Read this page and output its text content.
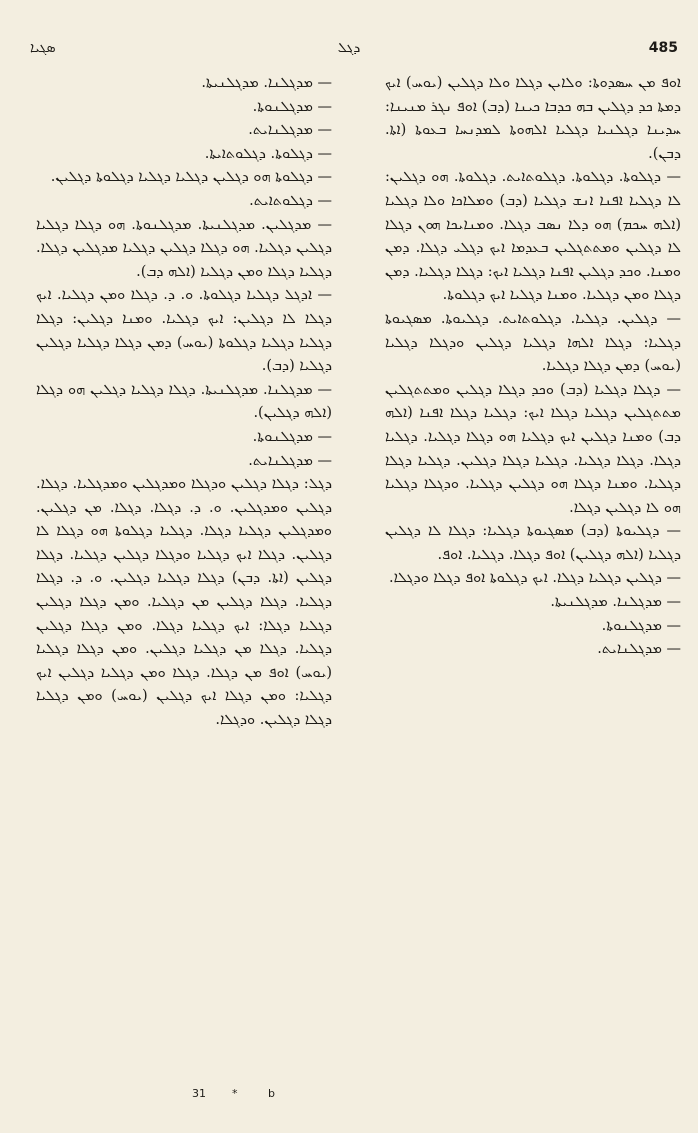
ܣܓܝܐ	ܕܓܠ	485

ܐܘܦ ܡܢ ܚܣܕܘܬܐ: ܘܠܐܝܢ ܕܓܠܐ ܘܠܐ ܕܓܠܝܢ (ܝܘܚ) ܐܝܟ ܕܡܬܐ ܟܕ ܕܓܠܝܢ ܒܗ ܟܕܒܐ ܟܝܢܐ (ܕܒ) ܐܘܦ ܢܓܪ ܡܢܝܢܐ: ܚܕܝܢܐ ܕܓܠܢܝܐ ܕܓܠܝܐ ܐܠܗܘܬܐ ܠܡܕܢܚܐ ܒܥܘܬܐ (ܐܬܐ. ܕܒܢ).

— ܕܓܠܘܬܐ. ܕܓܠܘܬܐ. ܕܓܠܘܬܐܝܬ. ܕܓܠܘܬܐ. ܗܘ ܕܓܠܝܢ: ܠܐ ܕܓܠܝܐ ܐܦܢܐ ܐܢܫ ܕܓܠܝܐ (ܕܒ) ܘܡܠܐܟܐ ܘܠܐ ܕܓܠܝܐ (ܐܠܗ ܚܟܡ) ܗܘ ܕܠܐ ܢܣܒ ܕܓܠܐ. ܘܡܢܐܝܟܐ ܗܘܢ ܕܓܠܐ ܠܐ ܕܓܠܝܢ ܘܡܬܬܓܠܝܢ ܒܥܕܡܐ ܐܝܟ ܕܓܠܝ ܕܓܠܐ. ܕܡܢ ܘܡܢܐ. ܘܟܕ ܕܓܠܝܢ ܐܦܢܐ ܕܓܠܝܐ ܐܝܟ: ܕܓܠܐ ܕܓܠܝܐ. ܕܡܢ ܕܓܠܐ ܘܡܢ ܕܓܠܝܐ. ܘܡܢܐ ܕܓܠܝܐ ܐܝܟ ܕܓܠܘܬܐ.

— ܕܓܠܝܢ. ܕܓܠܝܐ. ܕܓܠܘܬܐܝܬ. ܕܓܠܝܘܬܐ. ܡܣܓܝܘܬܐ ܕܓܠܝܐ: ܕܓܠܐ ܐܠܗܐ ܕܓܠܝܐ ܕܓܠܝܢ ܘܕܓܠܐ ܕܓܠܝܐ (ܝܘܚ) ܕܡܢ ܕܓܠܐ ܕܓܠܝܐ.

— ܕܓܠܐ ܕܓܠܝܐ (ܕܒ) ܘܟܕ ܕܓܠܐ ܕܓܠܝܢ ܘܡܬܬܓܠܝܢ ܡܬܬܓܠܝܢ ܕܓܠܝܐ ܕܓܠܐ ܐܝܟ: ܕܓܠܝܐ ܕܓܠܐ ܐܦܢܐ (ܐܠܗ ܕܒ) ܘܡܢܐ ܕܓܠܝܢ ܐܝܟ ܕܓܠܝܐ ܗܘ ܕܓܠܐ ܕܓܠܝܐ. ܕܓܠܝܐ ܕܓܠܐ. ܕܓܠܐ ܕܓܠܝܐ. ܕܓܠܝܐ ܕܓܠܐ ܕܓܠܝܢ. ܕܓܠܝܐ ܕܓܠܐ ܕܓܠܝܐ. ܘܡܢܐ ܕܓܠܐ ܗܘ ܕܓܠܝܢ ܕܓܠܝܐ. ܘܕܓܠܐ ܕܓܠܝܐ ܗܘ ܠܐ ܕܓܠܝܢ ܕܓܠܐ.

— ܕܓܠܝܘܬܐ (ܕܒ) ܡܣܓܝܘܬܐ ܕܓܠܝܐ: ܕܓܠܐ ܠܐ ܕܓܠܝܢ ܕܓܠܝܐ (ܐܠܗ ܕܓܠܝܢ) ܐܘܦ ܕܓܠܐ. ܕܓܠܝܐ. ܐܘܦ.

— ܕܓܠܝܢ ܕܓܠܝܐ ܕܓܠܐ. ܐܝܟ ܕܓܠܘܬܐ ܐܘܦ ܕܓܠܐ ܘܕܓܠܐ.

— ܡܕܓܠܢܐ. ܡܕܓܠܢܝܬܐ.
— ܡܕܓܠܢܘܬܐ.
— ܡܕܓܠܢܐܝܬ.
— ܡܕܓܠܢܐ. ܡܕܓܠܢܝܬܐ.
— ܡܕܓܠܢܘܬܐ.
— ܡܕܓܠܢܐܝܬ.
— ܕܓܠܘܬܐ. ܕܓܠܘܬܐܝܬܐ.

— ܕܓܠܘܬܐ ܗܘ ܕܓܠܝܢ ܕܓܠܝܐ ܕܓܠܝܐ ܕܓܠܘܬܐ ܕܓܠܝܢ.

— ܕܓܠܘܬܐܝܬ.

— ܡܕܓܠܝܢ. ܡܕܓܠܢܝܬܐ. ܡܕܓܠܢܘܬܐ. ܗܘ ܕܓܠܐ ܕܓܠܝܐ ܕܓܠܝܢ ܕܓܠܝܐ. ܗܘ ܕܓܠܐ ܕܓܠܝܢ ܕܓܠܝܐ ܡܕܓܠܝܢ ܕܓܠܐ. ܕܓܠܝܐ ܕܓܠܐ ܘܡܢ ܕܓܠܝܐ (ܐܠܗ ܕܒ).

— ܐܕܓܠ ܕܓܠܝܐ ܕܓܠܘܬܐ. ܘ. ܕ. ܕܓܠܐ ܘܡܢ ܕܓܠܝܐ. ܐܝܟ ܕܓܠܐ ܠܐ ܕܓܠܝܢ: ܐܝܟ ܕܓܠܝܐ. ܘܡܢܐ ܕܓܠܝܢ: ܕܓܠܐ ܕܓܠܝܐ ܕܓܠܝܐ ܕܓܠܘܬܐ (ܝܘܚ) ܕܡܢ ܕܓܠܐ ܕܓܠܝܐ ܕܓܠܝܢ ܕܓܠܝܐ (ܕܒ).

— ܡܕܓܠܢܐ. ܡܕܓܠܢܝܬܐ. ܕܓܠܐ ܕܓܠܝܐ ܕܓܠܝܢ ܗܘ ܕܓܠܐ (ܐܠܗ ܕܓܠܝܢ).

— ܡܕܓܠܢܘܬܐ.
— ܡܕܓܠܢܐܝܬ.

ܕܓܠ: ܕܓܠܐ ܕܓܠܝܢ ܘܕܓܠܐ ܘܡܕܓܠܝܢ ܘܡܕܓܠܝܐ. ܕܓܠܐ. ܕܓܠܝܢ ܘܡܕܓܠܝܢ. ܘ. ܕ. ܕܓܠܐ. ܕܓܠܐ. ܡܢ ܕܓܠܝܢ. ܘܡܕܓܠܝܢ ܕܓܠܝܐ ܕܓܠܐ. ܕܓܠܝܐ ܕܓܠܘܬܐ ܗܘ ܕܓܠܐ ܠܐ ܕܓܠܝܢ. ܕܓܠܐ ܐܝܟ ܕܓܠܝܐ ܘܕܓܠܐ ܕܓܠܝܢ ܕܓܠܝܐ. ܕܓܠܐ ܕܓܠܝܢ (ܐܬܐ. ܕܒܢ) ܕܓܠܐ ܕܓܠܝܐ ܕܓܠܝܢ. ܘ. ܕ. ܕܓܠܐ ܕܓܠܝܐ. ܕܓܠܐ ܕܓܠܝܢ ܡܢ ܕܓܠܝܐ. ܘܡܢ ܕܓܠܐ ܕܓܠܝܢ ܕܓܠܝܐ ܕܓܠܐ: ܐܝܟ ܕܓܠܝܐ ܕܓܠܐ. ܘܡܢ ܕܓܠܐ ܕܓܠܝܢ ܕܓܠܝܐ. ܕܓܠܐ ܡܢ ܕܓܠܝܐ ܕܓܠܝܢ. ܘܡܢ ܕܓܠܐ ܕܓܠܝܐ (ܝܘܚ) ܐܘܦ ܡܢ ܕܓܠܐ. ܕܓܠܐ ܘܡܢ ܕܓܠܝܐ ܕܓܠܝܢ ܐܝܟ ܕܓܠܝܐ: ܘܡܢ ܕܓܠܐ ܐܝܟ ܕܓܠܝܢ (ܝܘܚ) ܘܡܢ ܕܓܠܝܐ ܕܓܠܐ ܕܓܠܝܢ. ܘܕܓܠܐ.

31 *	b
